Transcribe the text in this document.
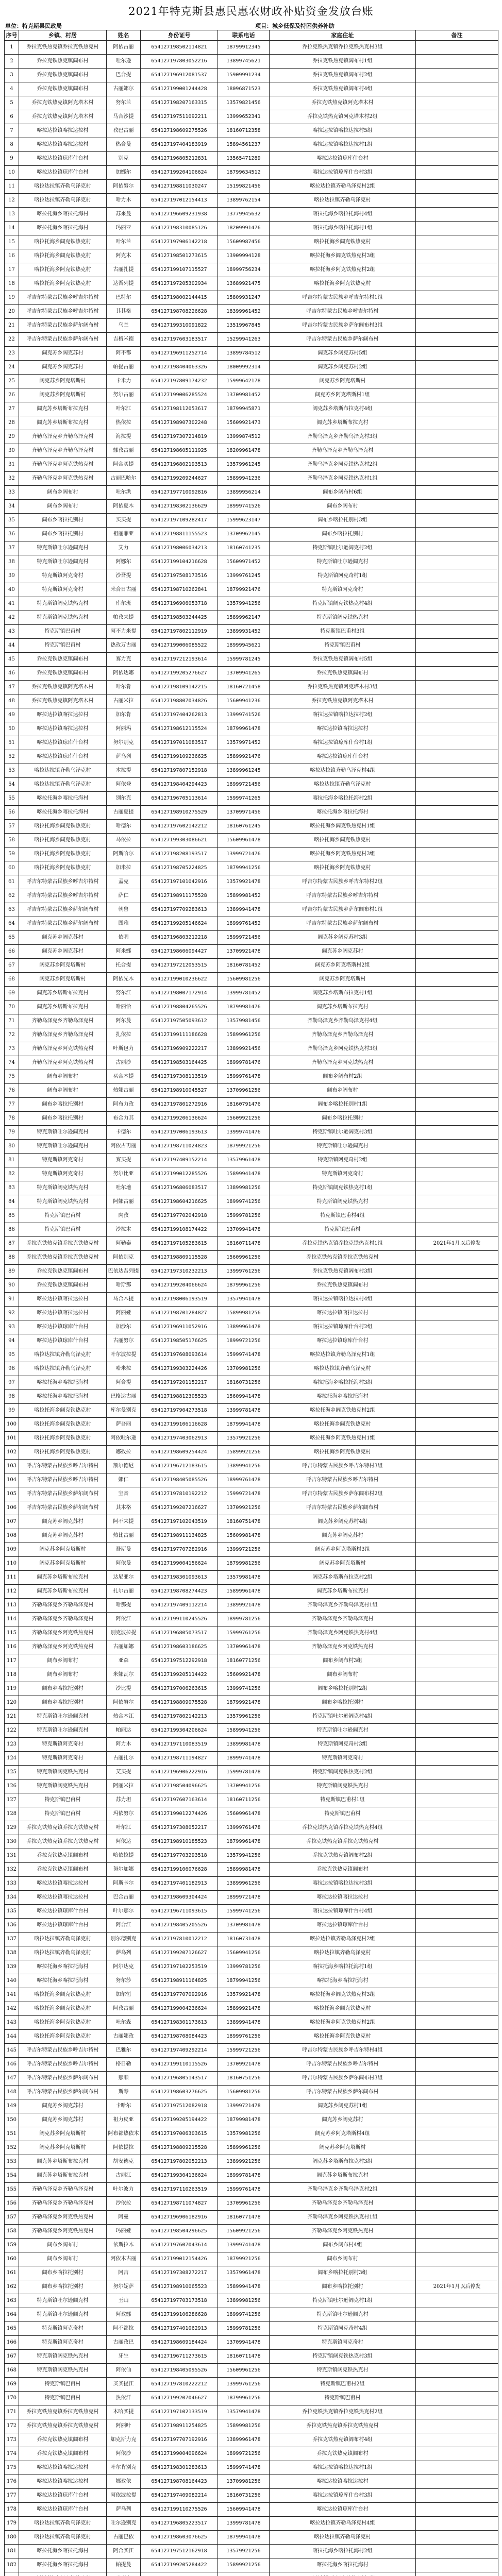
2021年特克斯县惠民惠农财政补贴资金发放台账
单位：特克斯县民政局	项目：城乡低保及特困供养补助
序号	乡镇、村居	姓名	身份证号	联系电话	家庭住址	备注
1	乔拉克铁热克镇乔拉克铁热克村	阿依古丽	654127198502114821	18799912345	乔拉克铁热克镇乔拉克铁热克村3组	
2	乔拉克铁热克镇阔布村	吐尔逊	654127197803052216	13899745621	乔拉克铁热克镇阔布村1组	
3	乔拉克铁热克镇阔布村	巴合提	654127196912081537	15909991234	乔拉克铁热克镇阔布村2组	
4	乔拉克铁热克镇阔布村	古丽娜尔	654127199001244428	18096871523	乔拉克铁热克镇阔布村4组	
5	乔拉克铁热克镇阿克塔木村	努尔兰	654127198207163315	13579821456	乔拉克铁热克镇阿克塔木村	
6	乔拉克铁热克镇阿克塔木村	马合沙提	654127197511092211	13999652341	乔拉克铁热克镇阿克塔木村2组	
7	喀拉达拉镇喀拉达拉村	孜巴古丽	654127198609275526	18160712358	喀拉达拉镇喀拉达拉村5组	
8	喀拉达拉镇喀拉达拉村	热合曼	654127197404183919	15894561237	喀拉达拉镇喀拉达拉村1组	
9	喀拉达拉镇琼库什台村	别克	654127196805212831	13565471289	喀拉达拉镇琼库什台村	
10	喀拉达拉镇琼库什台村	加娜尔	654127199204106624	18799634512	喀拉达拉镇琼库什台村3组	
11	喀拉达拉镇齐勒乌泽克村	阿依努尔	654127198811030247	15199821456	喀拉达拉镇齐勒乌泽克村2组	
12	喀拉达拉镇齐勒乌泽克村	哈力木	654127197012154413	13899762154	喀拉达拉镇齐勒乌泽克村	
13	喀拉托海乡喀拉托海村	苏来曼	654127196609231938	13779945632	喀拉托海乡喀拉托海村4组	
14	喀拉托海乡喀拉托海村	玛丽亚	654127198310085126	18209991476	喀拉托海乡喀拉托海村1组	
15	喀拉托海乡阔克铁热克村	叶尔兰	654127197906142218	15609987456	喀拉托海乡阔克铁热克村	
16	喀拉托海乡阔克铁热克村	阿克木	654127198501273615	13909994128	喀拉托海乡阔克铁热克村3组	
17	喀拉托海乡阿克铁热克村	古丽扎提	654127199107115527	18999756234	喀拉托海乡阿克铁热克村2组	
18	喀拉托海乡阿克铁热克村	达吾列提	654127197205302934	13689921475	喀拉托海乡阿克铁热克村	
19	呼吉尔特蒙古民族乡呼吉尔特村	巴特尔	654127198002144415	15809931247	呼吉尔特蒙古民族乡呼吉尔特村1组	
20	呼吉尔特蒙古民族乡呼吉尔特村	其其格	654127198708226628	18399961452	呼吉尔特蒙古民族乡呼吉尔特村	
21	呼吉尔特蒙古民族乡萨尔阔布村	乌兰	654127199310091822	13519967845	呼吉尔特蒙古民族乡萨尔阔布村3组	
22	呼吉尔特蒙古民族乡萨尔阔布村	吉格米德	654127197603183517	15299941263	呼吉尔特蒙古民族乡萨尔阔布村	
23	阔克苏乡阔克苏村	阿不都	654127196911252714	13899784512	阔克苏乡阔克苏村5组	
24	阔克苏乡阔克苏村	帕提古丽	654127198404063326	18009992314	阔克苏乡阔克苏村2组	
25	阔克苏乡阿克塔斯村	卡米力	654127197809174232	15999642178	阔克苏乡阿克塔斯村	
26	阔克苏乡阿克塔斯村	努尔古丽	654127199006285524	13709981452	阔克苏乡阿克塔斯村1组	
27	阔克苏乡塔斯布拉克村	叶尔江	654127198112053617	18799945871	阔克苏乡塔斯布拉克村4组	
28	阔克苏乡塔斯布拉克村	热依拉	654127198907302248	15609921473	阔克苏乡塔斯布拉克村	
29	齐勒乌泽克乡齐勒乌泽克村	海拉提	654127197307214819	13999874512	齐勒乌泽克乡齐勒乌泽克村3组	
30	齐勒乌泽克乡齐勒乌泽克村	娜孜古丽	654127198605111925	18209961478	齐勒乌泽克乡齐勒乌泽克村	
31	齐勒乌泽克乡阿克铁热克村	阿合买提	654127196802193513	13579961245	齐勒乌泽克乡阿克铁热克村2组	
32	齐勒乌泽克乡阿克铁热克村	古丽巴哈尔	654127199209244627	15899941236	齐勒乌泽克乡阿克铁热克村1组	
33	阔布乡阔布村	吐尔洪	654127197710092816	13899956214	阔布乡阔布村6组	
34	阔布乡阔布村	阿依夏木	654127198302136629	18999741526	阔布乡阔布村	
35	阔布乡喀拉托别村	买买提	654127197109282417	15999623147	阔布乡喀拉托别村3组	
36	阔布乡喀拉托别村	祖丽菲亚	654127198811155523	13709962145	阔布乡喀拉托别村	
37	特克斯镇吐尔逊阔克村	艾力	654127198006034213	18160741235	特克斯镇吐尔逊阔克村2组	
38	特克斯镇吐尔逊阔克村	阿娜尔	654127199104216628	15609971452	特克斯镇吐尔逊阔克村	
39	特克斯镇阿克奇村	沙吾提	654127197508173516	13999761245	特克斯镇阿克奇村1组	
40	特克斯镇阿克奇村	米合日古丽	654127198710262841	18799921476	特克斯镇阿克奇村	
41	特克斯镇阔克铁热克村	库尔班	654127196906053718	13579941256	特克斯镇阔克铁热克村4组	
42	特克斯镇阔克铁热克村	帕孜来提	654127198503244425	15899962147	特克斯镇阔克铁热克村	
43	特克斯镇巴甫村	阿不力米提	654127197802112919	13899931452	特克斯镇巴甫村3组	
44	特克斯镇巴甫村	热孜万古丽	654127199006085522	18999945621	特克斯镇巴甫村	
45	乔拉克铁热克镇阔布村	赛力克	654127197212193614	15999781245	乔拉克铁热克镇阔布村5组	
46	乔拉克铁热克镇阔布村	阿依达娜	654127199205276627	13709941265	乔拉克铁热克镇阔布村	
47	乔拉克铁热克镇阿克塔木村	叶尔肯	654127198109142215	18160721458	乔拉克铁热克镇阿克塔木村3组	
48	乔拉克铁热克镇阿克塔木村	古丽米拉	654127198807034826	15609941236	乔拉克铁热克镇阿克塔木村	
49	喀拉达拉镇喀拉达拉村	加尔肯	654127197404262813	13999741526	喀拉达拉镇喀拉达拉村2组	
50	喀拉达拉镇喀拉达拉村	阿丽玛	654127198612115524	18799961478	喀拉达拉镇喀拉达拉村	
51	喀拉达拉镇琼库什台村	努尔别克	654127197011083517	13579971452	喀拉达拉镇琼库什台村1组	
52	喀拉达拉镇琼库什台村	萨乌列	654127199109236625	15899921476	喀拉达拉镇琼库什台村	
53	喀拉达拉镇齐勒乌泽克村	木拉提	654127197807152918	13899961245	喀拉达拉镇齐勒乌泽克村4组	
54	喀拉达拉镇齐勒乌泽克村	阿依登	654127198404294423	18999721456	喀拉达拉镇齐勒乌泽克村	
55	喀拉托海乡喀拉托海村	别尔克	654127196705113614	15999741265	喀拉托海乡喀拉托海村2组	
56	喀拉托海乡喀拉托海村	古丽夏提	654127198910275529	13709971456	喀拉托海乡喀拉托海村	
57	喀拉托海乡阔克铁热克村	哈德尔	654127197602142212	18160761245	喀拉托海乡阔克铁热克村1组	
58	喀拉托海乡阔克铁热克村	马依拉	654127199303086621	15609961478	喀拉托海乡阔克铁热克村	
59	喀拉托海乡阿克铁热克村	阿斯哈尔	654127198208193517	13999721476	喀拉托海乡阿克铁热克村3组	
60	喀拉托海乡阿克铁热克村	加米拉	654127198705224825	18799941256	喀拉托海乡阿克铁热克村	
61	呼吉尔特蒙古民族乡呼吉尔特村	孟克	654127197101042916	13579921478	呼吉尔特蒙古民族乡呼吉尔特村2组	
62	呼吉尔特蒙古民族乡呼吉尔特村	萨仁	654127198911175528	15899981452	呼吉尔特蒙古民族乡呼吉尔特村	
63	呼吉尔特蒙古民族乡萨尔阔布村	朝鲁	654127197709283613	13899941478	呼吉尔特蒙古民族乡萨尔阔布村1组	
64	呼吉尔特蒙古民族乡萨尔阔布村	图雅	654127199205146624	18999761452	呼吉尔特蒙古民族乡萨尔阔布村	
65	阔克苏乡阔克苏村	依明	654127196803212218	15999721456	阔克苏乡阔克苏村3组	
66	阔克苏乡阔克苏村	阿米娜	654127198606094427	13709921478	阔克苏乡阔克苏村	
67	阔克苏乡阿克塔斯村	托合提	654127197212053515	18160781452	阔克苏乡阿克塔斯村2组	
68	阔克苏乡阿克塔斯村	阿依先木	654127199010236622	15609981256	阔克苏乡阿克塔斯村	
69	阔克苏乡塔斯布拉克村	努尔江	654127198007172914	13999781452	阔克苏乡塔斯布拉克村1组	
70	阔克苏乡塔斯布拉克村	哈丽恰	654127198804265526	18799981476	阔克苏乡塔斯布拉克村	
71	齐勒乌泽克乡齐勒乌泽克村	阿尔曼	654127197505093612	13579981456	齐勒乌泽克乡齐勒乌泽克村4组	
72	齐勒乌泽克乡齐勒乌泽克村	扎依拉	654127199111186628	15899961256	齐勒乌泽克乡齐勒乌泽克村	
73	齐勒乌泽克乡阿克铁热克村	叶斯包力	654127196909222217	13899921456	齐勒乌泽克乡阿克铁热克村3组	
74	齐勒乌泽克乡阿克铁热克村	古丽沙	654127198503164425	18999781476	齐勒乌泽克乡阿克铁热克村	
75	阔布乡阔布村	买合木提	654127197308113519	15999761478	阔布乡阔布村2组	
76	阔布乡阔布村	热娜古丽	654127198910045527	13709961256	阔布乡阔布村	
77	阔布乡喀拉托别村	阿布力孜	654127197801272916	18160791476	阔布乡喀拉托别村1组	
78	阔布乡喀拉托别村	布合力其	654127199206136624	15609921256	阔布乡喀拉托别村	
79	特克斯镇吐尔逊阔克村	卡德尔	654127197006193613	13999741476	特克斯镇吐尔逊阔克村3组	
80	特克斯镇吐尔逊阔克村	阿依古再丽	654127198711024823	18799921256	特克斯镇吐尔逊阔克村	
81	特克斯镇阿克奇村	赛买提	654127197409152214	13579961478	特克斯镇阿克奇村2组	
82	特克斯镇阿克奇村	努尔比亚	654127199012285526	15899941478	特克斯镇阿克奇村	
83	特克斯镇阔克铁热克村	吐尔地	654127196806083517	13899981256	特克斯镇阔克铁热克村1组	
84	特克斯镇阔克铁热克村	阿娜古丽	654127198604216625	18999741256	特克斯镇阔克铁热克村	
85	特克斯镇巴甫村	肉孜	654127197702042918	15999781256	特克斯镇巴甫村4组	
86	特克斯镇巴甫村	沙拉木	654127199108174422	13709941478	特克斯镇巴甫村	
87	乔拉克铁热克镇乔拉克铁热克村	阿勒泰	654127197105283615	18160711478	乔拉克铁热克镇乔拉克铁热克村1组	2021年1月以后停发
88	乔拉克铁热克镇乔拉克铁热克村	阿依别克	654127198809115528	15609961256	乔拉克铁热克镇乔拉克铁热克村	
89	乔拉克铁热克镇阔布村	巴依达吾列提	654127197310232213	13999761256	乔拉克铁热克镇阔布村3组	
90	乔拉克铁热克镇阔布村	哈斯那	654127199204066624	18799961256	乔拉克铁热克镇阔布村	
91	喀拉达拉镇喀拉达拉村	马合木提	654127198006193519	13579941478	喀拉达拉镇喀拉达拉村4组	
92	喀拉达拉镇喀拉达拉村	阿丽娅	654127198701284827	15899981256	喀拉达拉镇喀拉达拉村	
93	喀拉达拉镇琼库什台村	加沙尔	654127196911052916	13899961478	喀拉达拉镇琼库什台村2组	
94	喀拉达拉镇琼库什台村	古丽努尔	654127198505176625	18999721256	喀拉达拉镇琼库什台村	
95	喀拉达拉镇齐勒乌泽克村	叶尔波拉提	654127197608093614	15999741478	喀拉达拉镇齐勒乌泽克村1组	
96	喀拉达拉镇齐勒乌泽克村	哈米拉	654127199303224426	13709981256	喀拉达拉镇齐勒乌泽克村	
97	喀拉托海乡喀拉托海村	阿合提	654127197201152217	18160731256	喀拉托海乡喀拉托海村3组	
98	喀拉托海乡喀拉托海村	巴格达古丽	654127198812305523	15609941478	喀拉托海乡喀拉托海村	
99	喀拉托海乡阔克铁热克村	库尔曼别克	654127197904273518	13999781478	喀拉托海乡阔克铁热克村2组	
100	喀拉托海乡阔克铁热克村	萨吾丽	654127199106116628	18799941478	喀拉托海乡阔克铁热克村	
101	喀拉托海乡阿克铁热克村	阿依吐尔逊	654127197403062913	13579921256	喀拉托海乡阿克铁热克村1组	
102	喀拉托海乡阿克铁热克村	娜孜拉	654127198609254424	15899921256	喀拉托海乡阿克铁热克村	
103	呼吉尔特蒙古民族乡呼吉尔特村	额尔德尼	654127196712183615	13899941256	呼吉尔特蒙古民族乡呼吉尔特村3组	
104	呼吉尔特蒙古民族乡呼吉尔特村	娜仁	654127198405085526	18999761478	呼吉尔特蒙古民族乡呼吉尔特村	
105	呼吉尔特蒙古民族乡萨尔阔布村	宝音	654127197810192212	15999721478	呼吉尔特蒙古民族乡萨尔阔布村2组	
106	呼吉尔特蒙古民族乡萨尔阔布村	其木格	654127199207216627	13709921256	呼吉尔特蒙古民族乡萨尔阔布村	
107	阔克苏乡阔克苏村	阿不来提	654127197102043519	18160751478	阔克苏乡阔克苏村4组	
108	阔克苏乡阔克苏村	热比古丽	654127198911134825	15609981478	阔克苏乡阔克苏村	
109	阔克苏乡阿克塔斯村	吾斯曼	654127197707282916	13999721256	阔克苏乡阿克塔斯村3组	
110	阔克苏乡阿克塔斯村	阿依曼	654127199004156624	18799981256	阔克苏乡阿克塔斯村	
111	阔克苏乡塔斯布拉克村	达尼亚尔	654127198301093613	13579981478	阔克苏乡塔斯布拉克村2组	
112	阔克苏乡塔斯布拉克村	扎尔古丽	654127198708274423	15899961478	阔克苏乡塔斯布拉克村	
113	齐勒乌泽克乡齐勒乌泽克村	哈那提	654127197409112214	13899921478	齐勒乌泽克乡齐勒乌泽克村1组	
114	齐勒乌泽克乡齐勒乌泽克村	阿依江	654127199110245526	18999781256	齐勒乌泽克乡齐勒乌泽克村	
115	齐勒乌泽克乡阿克铁热克村	别克波拉提	654127196805073517	15999761256	齐勒乌泽克乡阿克铁热克村4组	
116	齐勒乌泽克乡阿克铁热克村	古丽加娜	654127198603186625	13709961478	齐勒乌泽克乡阿克铁热克村	
117	阔布乡阔布村	亚森	654127197512292918	18160771256	阔布乡阔布村3组	
118	阔布乡阔布村	米娜瓦尔	654127199205114422	15609921478	阔布乡阔布村	
119	阔布乡喀拉托别村	沙比提	654127197006263615	13999741256	阔布乡喀拉托别村2组	
120	阔布乡喀拉托别村	阿依努尔	654127198809075528	18799921478	阔布乡喀拉托别村	
121	特克斯镇吐尔逊阔克村	热合木江	654127197802142213	13579961256	特克斯镇吐尔逊阔克村4组	
122	特克斯镇吐尔逊阔克村	帕丽达	654127199304206624	15899941256	特克斯镇吐尔逊阔克村	
123	特克斯镇阿克奇村	阿力木	654127197110083519	13899981478	特克斯镇阿克奇村3组	
124	特克斯镇阿克奇村	古丽扎尔	654127198711194827	18999741478	特克斯镇阿克奇村	
125	特克斯镇阔克铁热克村	艾买提	654127196906222916	15999781478	特克斯镇阔克铁热克村2组	
126	特克斯镇阔克铁热克村	阿丽米拉	654127198504096625	13709941256	特克斯镇阔克铁热克村	
127	特克斯镇巴甫村	苏力坦	654127197607163614	18160711256	特克斯镇巴甫村1组	
128	特克斯镇巴甫村	玛依努尔	654127199012274426	15609961478	特克斯镇巴甫村	
129	乔拉克铁热克镇乔拉克铁热克村	叶尔江	654127197308052217	13999761478	乔拉克铁热克镇乔拉克铁热克村4组	
130	乔拉克铁热克镇乔拉克铁热克村	阿依达	654127198910185523	18799961478	乔拉克铁热克镇乔拉克铁热克村	
131	乔拉克铁热克镇阔布村	哈依拉提	654127197703293518	13579941256	乔拉克铁热克镇阔布村2组	
132	乔拉克铁热克镇阔布村	努尔加娜	654127199106076628	15899981478	乔拉克铁热克镇阔布村	
133	喀拉达拉镇喀拉达拉村	阿斯卡尔	654127197401182913	13899961256	喀拉达拉镇喀拉达拉村3组	
134	喀拉达拉镇喀拉达拉村	巴合古丽	654127198609304424	18999721478	喀拉达拉镇喀拉达拉村	
135	喀拉达拉镇琼库什台村	叶尔那尔	654127196711093615	15999741256	喀拉达拉镇琼库什台村4组	
136	喀拉达拉镇琼库什台村	阿合江	654127198405205526	13709981478	喀拉达拉镇琼库什台村	
137	喀拉达拉镇齐勒乌泽克村	别尔德别克	654127197810012212	18160731478	喀拉达拉镇齐勒乌泽克村2组	
138	喀拉达拉镇齐勒乌泽克村	萨乌列	654127199207126627	15609941256	喀拉达拉镇齐勒乌泽克村	
139	喀拉托海乡喀拉托海村	阿尔达克	654127197102253519	13999781256	喀拉托海乡喀拉托海村1组	
140	喀拉托海乡喀拉托海村	努尔莎	654127198911164825	18799941256	喀拉托海乡喀拉托海村	
141	喀拉托海乡阔克铁热克村	加尔恒	654127197707092916	13579921478	喀拉托海乡阔克铁热克村3组	
142	喀拉托海乡阔克铁热克村	阿孜古丽	654127199004236624	15899921478	喀拉托海乡阔克铁热克村	
143	喀拉托海乡阿克铁热克村	吐尔森	654127198301173613	13899941478	喀拉托海乡阿克铁热克村2组	
144	喀拉托海乡阿克铁热克村	古丽娜孜	654127198708084423	18999761256	喀拉托海乡阿克铁热克村	
145	呼吉尔特蒙古民族乡呼吉尔特村	巴雅尔	654127197409292214	15999721256	呼吉尔特蒙古民族乡呼吉尔特村4组	
146	呼吉尔特蒙古民族乡呼吉尔特村	格日勒	654127199110115526	13709921478	呼吉尔特蒙古民族乡呼吉尔特村	
147	呼吉尔特蒙古民族乡萨尔阔布村	那顺	654127196805143517	18160751256	呼吉尔特蒙古民族乡萨尔阔布村3组	
148	呼吉尔特蒙古民族乡萨尔阔布村	斯琴	654127198603276625	15609981256	呼吉尔特蒙古民族乡萨尔阔布村	
149	阔克苏乡阔克苏村	卡哈尔	654127197512082918	13999721478	阔克苏乡阔克苏村1组	
150	阔克苏乡阔克苏村	祖力皮亚	654127199205194422	18799981478	阔克苏乡阔克苏村	
151	阔克苏乡阿克塔斯村	阿布都热依木	654127197006303615	13579981256	阔克苏乡阿克塔斯村4组	
152	阔克苏乡阿克塔斯村	阿依提拉	654127198809215528	15899961256	阔克苏乡阿克塔斯村	
153	阔克苏乡塔斯布拉克村	胡安德克	654127197802052213	13899921256	阔克苏乡塔斯布拉克村3组	
154	阔克苏乡塔斯布拉克村	古丽江	654127199304136624	18999781478	阔克苏乡塔斯布拉克村	
155	齐勒乌泽克乡齐勒乌泽克村	叶尔波力	654127197110263519	15999761478	齐勒乌泽克乡齐勒乌泽克村2组	
156	齐勒乌泽克乡齐勒乌泽克村	沙依拉	654127198711074827	13709961256	齐勒乌泽克乡齐勒乌泽克村	
157	齐勒乌泽克乡阿克铁热克村	阿曼	654127196906182916	18160771478	齐勒乌泽克乡阿克铁热克村1组	
158	齐勒乌泽克乡阿克铁热克村	玛丽娅	654127198504296625	15609921256	齐勒乌泽克乡阿克铁热克村	
159	阔布乡阔布村	依斯拉木	654127197607043614	13999741478	阔布乡阔布村4组	
160	阔布乡阔布村	阿依木古丽	654127199012154426	18799921256	阔布乡阔布村	
161	阔布乡喀拉托别村	阿吉	654127197308272217	13579961478	阔布乡喀拉托别村3组	
162	阔布乡喀拉托别村	努尔妮萨	654127198910065523	15899941478	阔布乡喀拉托别村	2021年1月以后停发
163	特克斯镇吐尔逊阔克村	玉山	654127197703173518	13899981256	特克斯镇吐尔逊阔克村1组	
164	特克斯镇吐尔逊阔克村	阿孜娜	654127199106286628	18999741256	特克斯镇吐尔逊阔克村	
165	特克斯镇阿克奇村	阿不都拉	654127197401062913	15999781256	特克斯镇阿克奇村4组	
166	特克斯镇阿克奇村	古丽孜巴	654127198609184424	13709941478	特克斯镇阿克奇村	
167	特克斯镇阔克铁热克村	牙生	654127196711273615	18160711478	特克斯镇阔克铁热克村3组	
168	特克斯镇阔克铁热克村	阿依仙	654127198405095526	15609961256	特克斯镇阔克铁热克村	
169	特克斯镇巴甫村	买买提江	654127197810222212	13999761256	特克斯镇巴甫村2组	
170	特克斯镇巴甫村	热依汗	654127199207046627	18799961256	特克斯镇巴甫村	
171	乔拉克铁热克镇乔拉克铁热克村	木哈买提	654127197102133519	13579941478	乔拉克铁热克镇乔拉克铁热克村2组	
172	乔拉克铁热克镇乔拉克铁热克村	阿丽叶	654127198911254825	15899981256	乔拉克铁热克镇乔拉克铁热克村	
173	乔拉克铁热克镇阔布村	加克斯力克	654127197707192916	13899961478	乔拉克铁热克镇阔布村4组	
174	乔拉克铁热克镇阔布村	阿依沙	654127199004096624	18999721256	乔拉克铁热克镇阔布村	
175	喀拉达拉镇喀拉达拉村	叶尔肯别克	654127198301283613	15999741478	喀拉达拉镇喀拉达拉村1组	
176	喀拉达拉镇喀拉达拉村	娜孜依	654127198708164423	13709981256	喀拉达拉镇喀拉达拉村	
177	喀拉达拉镇琼库什台村	阿依波拉提	654127197409082214	18160731256	喀拉达拉镇琼库什台村3组	
178	喀拉达拉镇琼库什台村	萨乌列	654127199110275526	15609941478	喀拉达拉镇琼库什台村	
179	喀拉达拉镇齐勒乌泽克村	吐尔逊别克	654127196805223517	13999781478	喀拉达拉镇齐勒乌泽克村4组	
180	喀拉达拉镇齐勒乌泽克村	古丽巴依	654127198603076625	18799941478	喀拉达拉镇齐勒乌泽克村	
181	喀拉托海乡喀拉托海村	阿合买江	654127197512162918	13579921256	喀拉托海乡喀拉托海村2组	
182	喀拉托海乡喀拉托海村	帕提曼	654127199205284422	15899921256	喀拉托海乡喀拉托海村	
